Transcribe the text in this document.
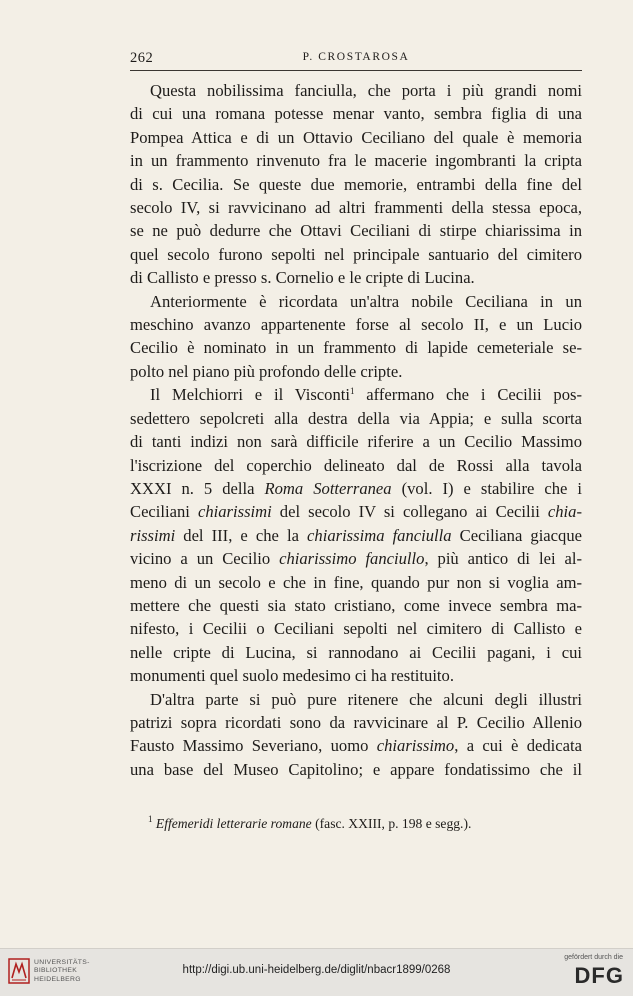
262	P. CROSTAROSA

Questa nobilissima fanciulla, che porta i più grandi nomi
di cui una romana potesse menar vanto, sembra figlia di una
Pompea Attica e di un Ottavio Ceciliano del quale è memoria
in un frammento rinvenuto fra le macerie ingombranti la cripta
di s. Cecilia. Se queste due memorie, entrambi della fine del
secolo IV, si ravvicinano ad altri frammenti della stessa epoca,
se ne può dedurre che Ottavi Ceciliani di stirpe chiarissima in
quel secolo furono sepolti nel principale santuario del cimitero
di Callisto e presso s. Cornelio e le cripte di Lucina.

Anteriormente è ricordata un'altra nobile Ceciliana in un
meschino avanzo appartenente forse al secolo II, e un Lucio
Cecilio è nominato in un frammento di lapide cemeteriale se-
polto nel piano più profondo delle cripte.

Il Melchiorri e il Visconti$^1$ affermano che i Cecilii pos-
sedettero sepolcreti alla destra della via Appia; e sulla scorta
di tanti indizi non sarà difficile riferire a un Cecilio Massimo
l'iscrizione del coperchio delineato dal de Rossi alla tavola
XXXI n. 5 della Roma Sotterranea (vol. I) e stabilire che i
Ceciliani chiarissimi del secolo IV si collegano ai Cecilii chia-
rissimi del III, e che la chiarissima fanciulla Ceciliana giacque
vicino a un Cecilio chiarissimo fanciullo, più antico di lei al-
meno di un secolo e che in fine, quando pur non si voglia am-
mettere che questi sia stato cristiano, come invece sembra ma-
nifesto, i Cecilii o Ceciliani sepolti nel cimitero di Callisto e
nelle cripte di Lucina, si rannodano ai Cecilii pagani, i cui
monumenti quel suolo medesimo ci ha restituito.

D'altra parte si può pure ritenere che alcuni degli illustri
patrizi sopra ricordati sono da ravvicinare al P. Cecilio Allenio
Fausto Massimo Severiano, uomo chiarissimo, a cui è dedicata
una base del Museo Capitolino; e appare fondatissimo che il

$^1$ Effemeridi letterarie romane (fasc. XXIII, p. 198 e segg.).
UNIVERSITÄTS-
BIBLIOTHEK
HEIDELBERG
http://digi.ub.uni-heidelberg.de/diglit/nbacr1899/0268
gefördert durch die
DFG
